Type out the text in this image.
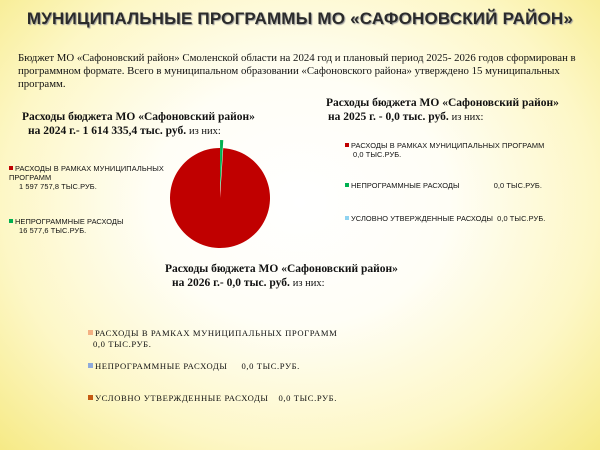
МУНИЦИПАЛЬНЫЕ ПРОГРАММЫ МО «САФОНОВСКИЙ РАЙОН»
Бюджет МО «Сафоновский район» Смоленской области на 2024 год и плановый период 2025- 2026 годов сформирован в программном формате. Всего в муниципальном образовании «Сафоновского района» утверждено 15 муниципальных программ.
Расходы бюджета МО «Сафоновский район»
на 2024 г.- 1 614 335,4 тыс. руб. из них:
РАСХОДЫ В РАМКАХ МУНИЦИПАЛЬНЫХ ПРОГРАММ
1 597 757,8 ТЫС.РУБ.
НЕПРОГРАММНЫЕ РАСХОДЫ
16 577,6 ТЫС.РУБ.
Расходы бюджета МО «Сафоновский район»
на 2025 г. - 0,0 тыс. руб. из них:
РАСХОДЫ В РАМКАХ МУНИЦИПАЛЬНЫХ ПРОГРАММ
0,0 ТЫС.РУБ.
НЕПРОГРАММНЫЕ РАСХОДЫ	0,0 ТЫС.РУБ.
УСЛОВНО УТВЕРЖДЕННЫЕ РАСХОДЫ 0,0 ТЫС.РУБ.
Расходы бюджета МО «Сафоновский район»
на 2026 г.- 0,0 тыс. руб. из них:
РАСХОДЫ В РАМКАХ МУНИЦИПАЛЬНЫХ ПРОГРАММ
0,0 ТЫС.РУБ.
НЕПРОГРАММНЫЕ РАСХОДЫ 0,0 ТЫС.РУБ.
УСЛОВНО УТВЕРЖДЕННЫЕ РАСХОДЫ 0,0 ТЫС.РУБ.
